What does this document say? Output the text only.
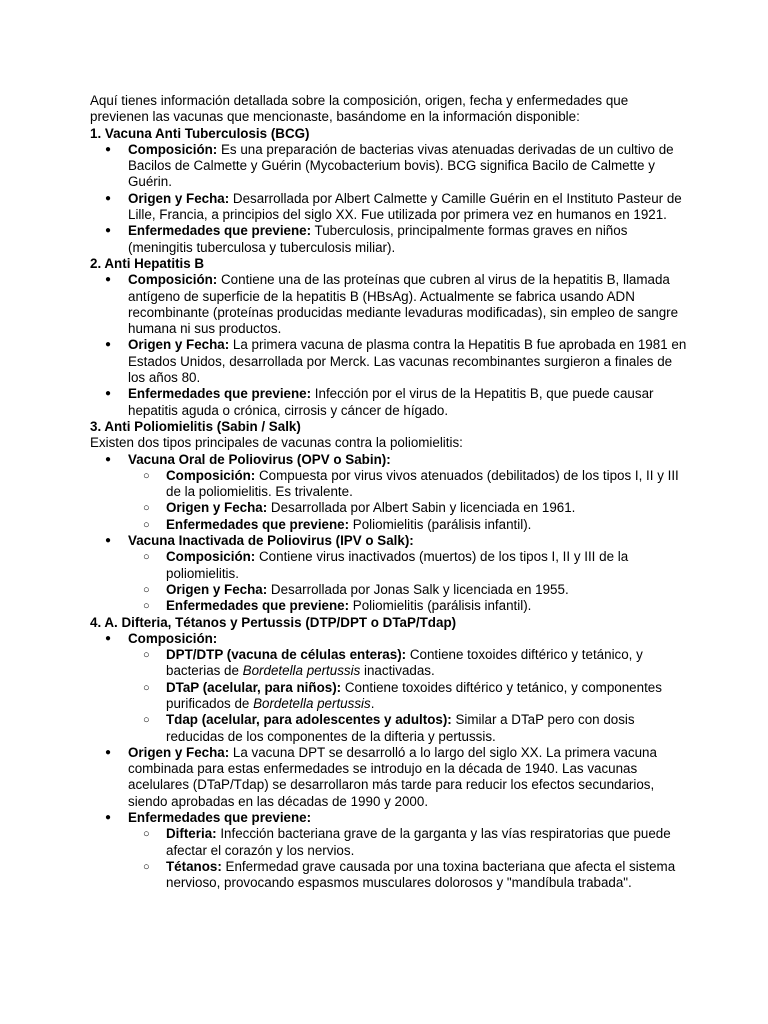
Aquí tienes información detallada sobre la composición, origen, fecha y enfermedades que previenen las vacunas que mencionaste, basándome en la información disponible:

1. Vacuna Anti Tuberculosis (BCG)
● Composición: Es una preparación de bacterias vivas atenuadas derivadas de un cultivo de Bacilos de Calmette y Guérin (Mycobacterium bovis). BCG significa Bacilo de Calmette y Guérin.
● Origen y Fecha: Desarrollada por Albert Calmette y Camille Guérin en el Instituto Pasteur de Lille, Francia, a principios del siglo XX. Fue utilizada por primera vez en humanos en 1921.
● Enfermedades que previene: Tuberculosis, principalmente formas graves en niños (meningitis tuberculosa y tuberculosis miliar).
2. Anti Hepatitis B
● Composición: Contiene una de las proteínas que cubren al virus de la hepatitis B, llamada antígeno de superficie de la hepatitis B (HBsAg). Actualmente se fabrica usando ADN recombinante (proteínas producidas mediante levaduras modificadas), sin empleo de sangre humana ni sus productos.
● Origen y Fecha: La primera vacuna de plasma contra la Hepatitis B fue aprobada en 1981 en Estados Unidos, desarrollada por Merck. Las vacunas recombinantes surgieron a finales de los años 80.
● Enfermedades que previene: Infección por el virus de la Hepatitis B, que puede causar hepatitis aguda o crónica, cirrosis y cáncer de hígado.
3. Anti Poliomielitis (Sabin / Salk)

Existen dos tipos principales de vacunas contra la poliomielitis:

● Vacuna Oral de Poliovirus (OPV o Sabin):
○ Composición: Compuesta por virus vivos atenuados (debilitados) de los tipos I, II y III de la poliomielitis. Es trivalente.
○ Origen y Fecha: Desarrollada por Albert Sabin y licenciada en 1961.
○ Enfermedades que previene: Poliomielitis (parálisis infantil).
● Vacuna Inactivada de Poliovirus (IPV o Salk):
○ Composición: Contiene virus inactivados (muertos) de los tipos I, II y III de la poliomielitis.
○ Origen y Fecha: Desarrollada por Jonas Salk y licenciada en 1955.
○ Enfermedades que previene: Poliomielitis (parálisis infantil).
4. A. Difteria, Tétanos y Pertussis (DTP/DPT o DTaP/Tdap)
● Composición:
○ DPT/DTP (vacuna de células enteras): Contiene toxoides diftérico y tetánico, y bacterias de Bordetella pertussis inactivadas.
○ DTaP (acelular, para niños): Contiene toxoides diftérico y tetánico, y componentes purificados de Bordetella pertussis.
○ Tdap (acelular, para adolescentes y adultos): Similar a DTaP pero con dosis reducidas de los componentes de la difteria y pertussis.
● Origen y Fecha: La vacuna DPT se desarrolló a lo largo del siglo XX. La primera vacuna combinada para estas enfermedades se introdujo en la década de 1940. Las vacunas acelulares (DTaP/Tdap) se desarrollaron más tarde para reducir los efectos secundarios, siendo aprobadas en las décadas de 1990 y 2000.
● Enfermedades que previene:
○ Difteria: Infección bacteriana grave de la garganta y las vías respiratorias que puede afectar el corazón y los nervios.
○ Tétanos: Enfermedad grave causada por una toxina bacteriana que afecta el sistema nervioso, provocando espasmos musculares dolorosos y "mandíbula trabada".
